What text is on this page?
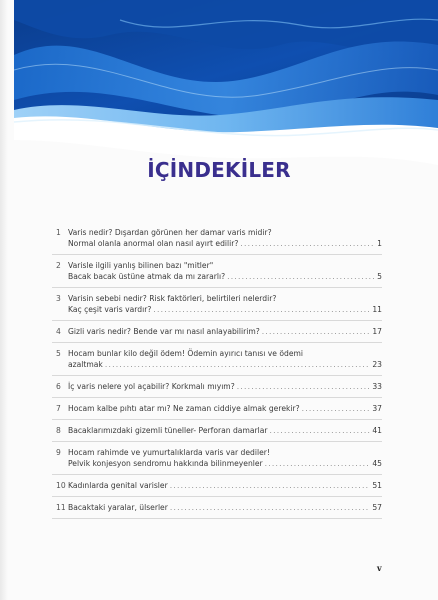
İÇİNDEKİLER
1 Varis nedir? Dışardan görünen her damar varis midir?
Normal olanla anormal olan nasıl ayırt edilir? . . .	1
2 Varisle ilgili yanlış bilinen bazı "mitler"
Bacak bacak üstüne atmak da mı zararlı? . . .	5
3 Varisin sebebi nedir? Risk faktörleri, belirtileri nelerdir?
Kaç çeşit varis vardır? . . .	11
4 Gizli varis nedir? Bende var mı nasıl anlayabilirim? . . .	17
5 Hocam bunlar kilo değil ödem! Ödemin ayırıcı tanısı ve ödemi
azaltmak . . .	23
6 İç varis nelere yol açabilir? Korkmalı mıyım? . . .	33
7 Hocam kalbe pıhtı atar mı? Ne zaman ciddiye almak gerekir? . . .	37
8 Bacaklarımızdaki gizemli tüneller- Perforan damarlar . . .	41
9 Hocam rahimde ve yumurtalıklarda varis var dediler!
Pelvik konjesyon sendromu hakkında bilinmeyenler . . .	45
10 Kadınlarda genital varisler . . .	51
11 Bacaktaki yaralar, ülserler . . .	57
v
